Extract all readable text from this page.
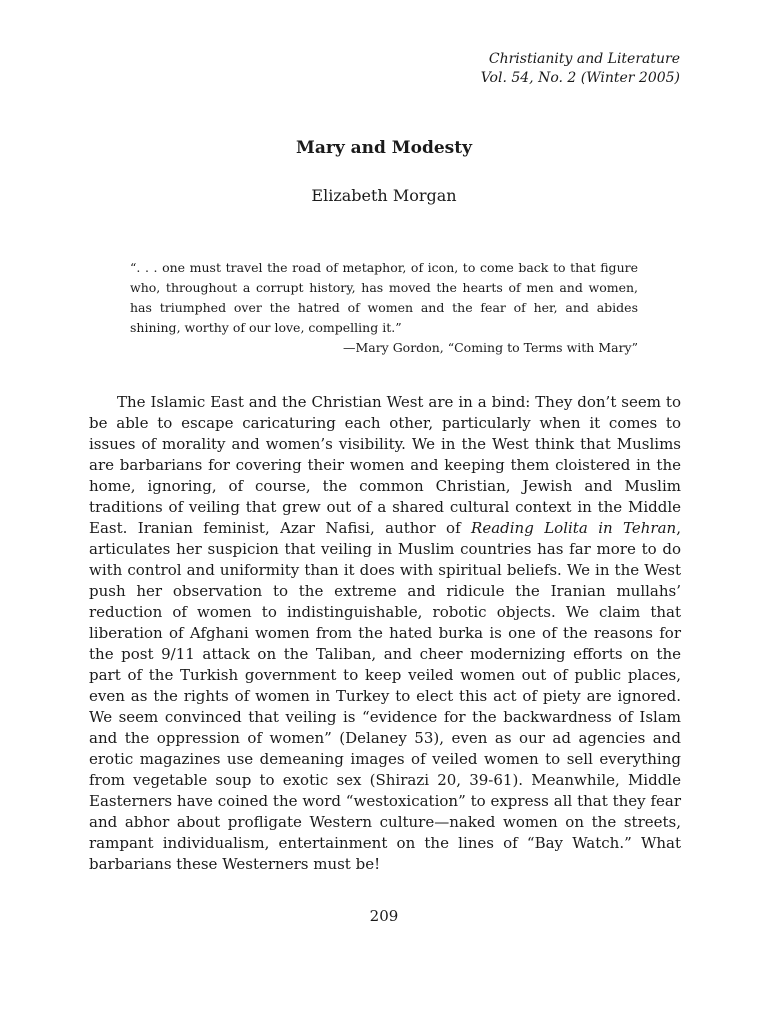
Christianity and Literature
Vol. 54, No. 2 (Winter 2005)
Mary and Modesty
Elizabeth Morgan
“. . . one must travel the road of metaphor, of icon, to come back to that figure who, throughout a corrupt history, has moved the hearts of men and women, has triumphed over the hatred of women and the fear of her, and abides shining, worthy of our love, compelling it.”
—Mary Gordon, “Coming to Terms with Mary”

The Islamic East and the Christian West are in a bind: They don’t seem to be able to escape caricaturing each other, particularly when it comes to issues of morality and women’s visibility. We in the West think that Muslims are barbarians for covering their women and keeping them cloistered in the home, ignoring, of course, the common Christian, Jewish and Muslim traditions of veiling that grew out of a shared cultural context in the Middle East. Iranian feminist, Azar Nafisi, author of Reading Lolita in Tehran, articulates her suspicion that veiling in Muslim countries has far more to do with control and uniformity than it does with spiritual beliefs. We in the West push her observation to the extreme and ridicule the Iranian mullahs’ reduction of women to indistinguishable, robotic objects. We claim that liberation of Afghani women from the hated burka is one of the reasons for the post 9/11 attack on the Taliban, and cheer modernizing efforts on the part of the Turkish government to keep veiled women out of public places, even as the rights of women in Turkey to elect this act of piety are ignored. We seem convinced that veiling is “evidence for the backwardness of Islam and the oppression of women” (Delaney 53), even as our ad agencies and erotic magazines use demeaning images of veiled women to sell everything from vegetable soup to exotic sex (Shirazi 20, 39-61). Meanwhile, Middle Easterners have coined the word “westoxication” to express all that they fear and abhor about profligate Western culture—naked women on the streets, rampant individualism, entertainment on the lines of “Bay Watch.” What barbarians these Westerners must be!

209
